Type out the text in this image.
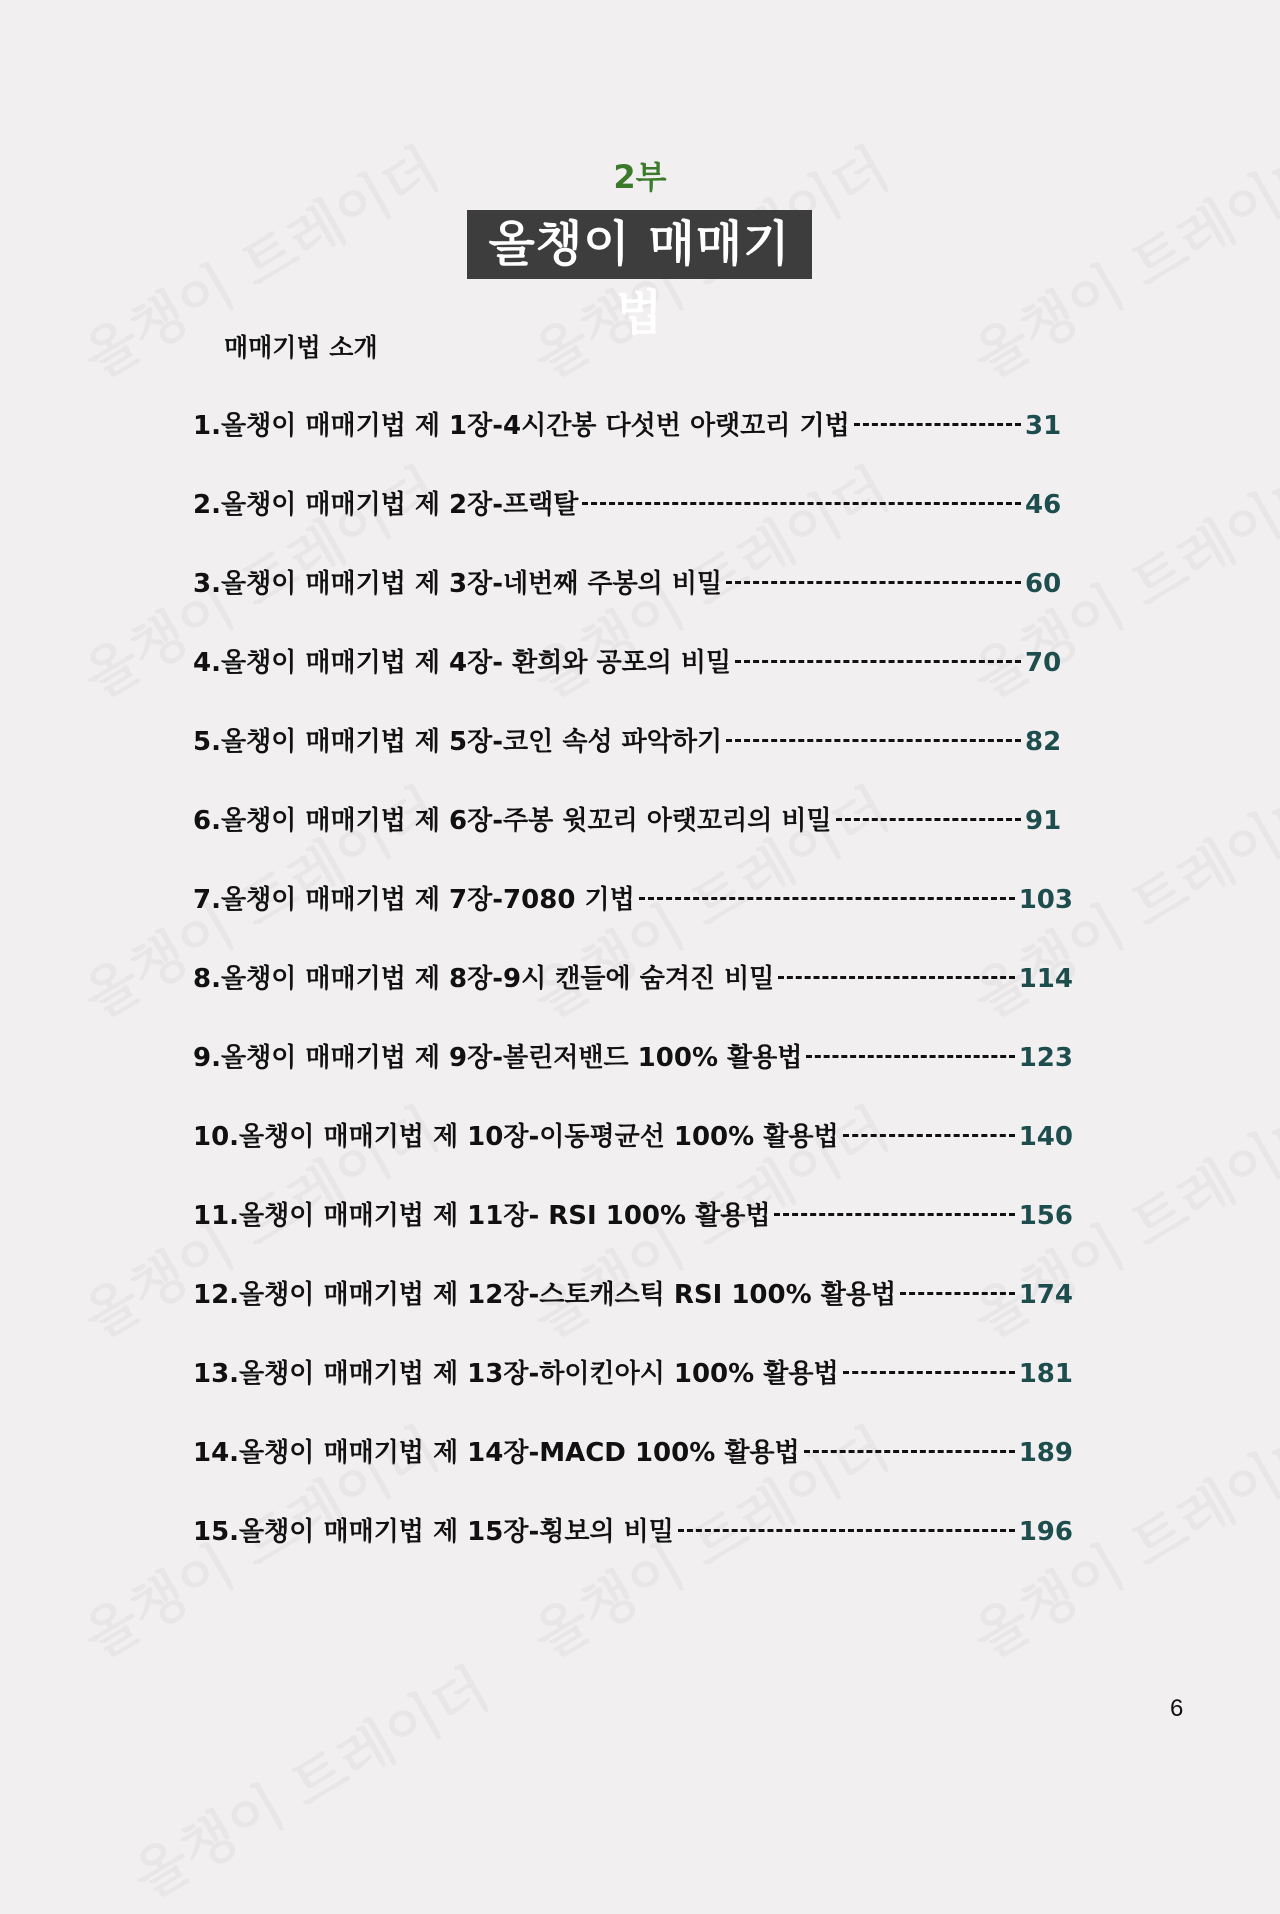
2부
올챙이 매매기법
매매기법 소개
1.올챙이 매매기법 제 1장-4시간봉 다섯번 아랫꼬리 기법	31
2.올챙이 매매기법 제 2장-프랙탈	46
3.올챙이 매매기법 제 3장-네번째 주봉의 비밀	60
4.올챙이 매매기법 제 4장- 환희와 공포의 비밀	70
5.올챙이 매매기법 제 5장-코인 속성 파악하기	82
6.올챙이 매매기법 제 6장-주봉 윗꼬리 아랫꼬리의 비밀	91
7.올챙이 매매기법 제 7장-7080 기법	103
8.올챙이 매매기법 제 8장-9시 캔들에 숨겨진 비밀	114
9.올챙이 매매기법 제 9장-볼린저밴드 100% 활용법	123
10.올챙이 매매기법 제 10장-이동평균선 100% 활용법	140
11.올챙이 매매기법 제 11장- RSI 100% 활용법	156
12.올챙이 매매기법 제 12장-스토캐스틱 RSI 100% 활용법	174
13.올챙이 매매기법 제 13장-하이킨아시 100% 활용법	181
14.올챙이 매매기법 제 14장-MACD 100% 활용법	189
15.올챙이 매매기법 제 15장-횡보의 비밀	196
6
